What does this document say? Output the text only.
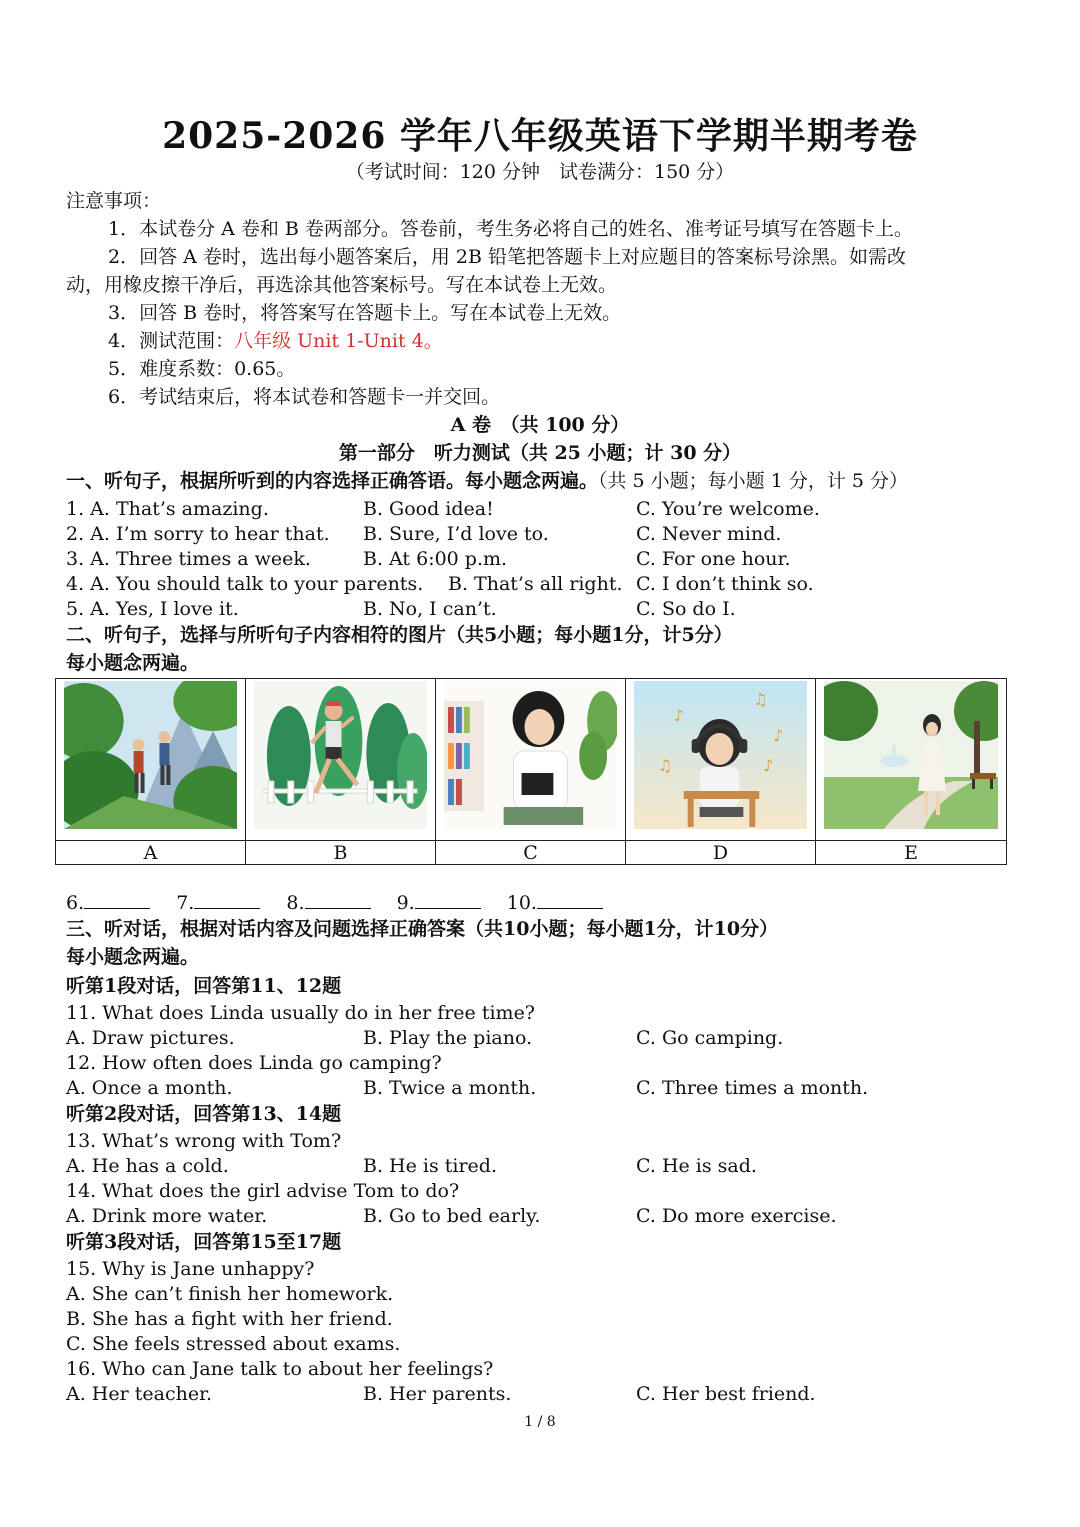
2025-2026 学年八年级英语下学期半期考卷
（考试时间：120 分钟　试卷满分：150 分）
注意事项：
1．本试卷分 A 卷和 B 卷两部分。答卷前，考生务必将自己的姓名、准考证号填写在答题卡上。
2．回答 A 卷时，选出每小题答案后，用 2B 铅笔把答题卡上对应题目的答案标号涂黑。如需改
动，用橡皮擦干净后，再选涂其他答案标号。写在本试卷上无效。
3．回答 B 卷时，将答案写在答题卡上。写在本试卷上无效。
4．测试范围：八年级 Unit 1-Unit 4。
5．难度系数：0.65。
6．考试结束后，将本试卷和答题卡一并交回。
A 卷　（共 100 分）
第一部分　听力测试（共 25 小题；计 30 分）
一、听句子，根据所听到的内容选择正确答语。每小题念两遍。（共 5 小题；每小题 1 分，计 5 分）
1. A. That’s amazing.	B. Good idea!	C. You’re welcome.
2. A. I’m sorry to hear that. B. Sure, I’d love to.	C. Never mind.
3. A. Three times a week.	B. At 6:00 p.m.	C. For one hour.
4. A. You should talk to your parents. B. That’s all right. C. I don’t think so.
5. A. Yes, I love it.	B. No, I can’t.	C. So do I.
二、听句子，选择与所听句子内容相符的图片（共5小题；每小题1分，计5分）
每小题念两遍。
A	B	C
♪
♫
♪
♫	♪
D	E
6.	7.	8.	9.	10.
三、听对话，根据对话内容及问题选择正确答案（共10小题；每小题1分，计10分）
每小题念两遍。
听第1段对话，回答第11、12题
11. What does Linda usually do in her free time?
A. Draw pictures.	B. Play the piano.	C. Go camping.
12. How often does Linda go camping?
A. Once a month.	B. Twice a month.	C. Three times a month.
听第2段对话，回答第13、14题
13. What’s wrong with Tom?
A. He has a cold.	B. He is tired.	C. He is sad.
14. What does the girl advise Tom to do?
A. Drink more water.	B. Go to bed early.	C. Do more exercise.
听第3段对话，回答第15至17题
15. Why is Jane unhappy?
A. She can’t finish her homework.
B. She has a fight with her friend.
C. She feels stressed about exams.
16. Who can Jane talk to about her feelings?
A. Her teacher.	B. Her parents.	C. Her best friend.
1 / 8
